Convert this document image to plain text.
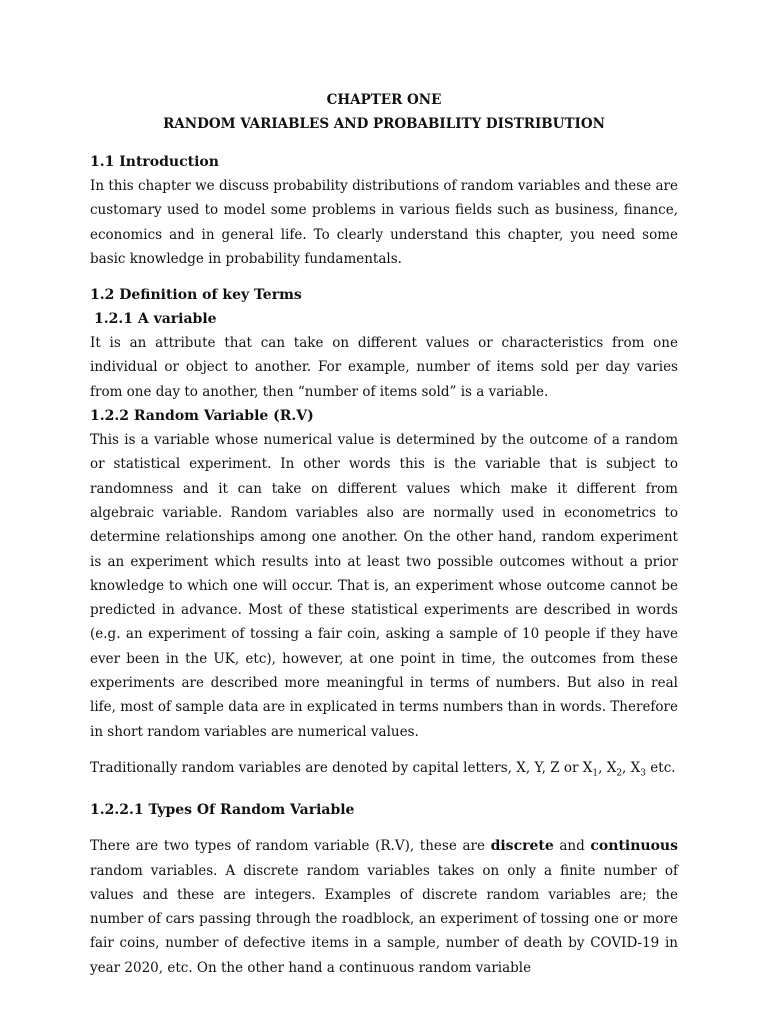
CHAPTER ONE
RANDOM VARIABLES AND PROBABILITY DISTRIBUTION
1.1 Introduction

In this chapter we discuss probability distributions of random variables and these are customary used to model some problems in various fields such as business, finance, economics and in general life. To clearly understand this chapter, you need some basic knowledge in probability fundamentals.

1.2 Definition of key Terms
1.2.1 A variable

It is an attribute that can take on different values or characteristics from one individual or object to another. For example, number of items sold per day varies from one day to another, then “number of items sold” is a variable.

1.2.2 Random Variable (R.V)

This is a variable whose numerical value is determined by the outcome of a random or statistical experiment. In other words this is the variable that is subject to randomness and it can take on different values which make it different from algebraic variable. Random variables also are normally used in econometrics to determine relationships among one another. On the other hand, random experiment is an experiment which results into at least two possible outcomes without a prior knowledge to which one will occur. That is, an experiment whose outcome cannot be predicted in advance. Most of these statistical experiments are described in words (e.g. an experiment of tossing a fair coin, asking a sample of 10 people if they have ever been in the UK, etc), however, at one point in time, the outcomes from these experiments are described more meaningful in terms of numbers. But also in real life, most of sample data are in explicated in terms numbers than in words. Therefore in short random variables are numerical values.

Traditionally random variables are denoted by capital letters, X, Y, Z or $X_1$, $X_2$, $X_3$ etc.

1.2.2.1 Types Of Random Variable

There are two types of random variable (R.V), these are discrete and continuous random variables. A discrete random variables takes on only a finite number of values and these are integers. Examples of discrete random variables are; the number of cars passing through the roadblock, an experiment of tossing one or more fair coins, number of defective items in a sample, number of death by COVID-19 in year 2020, etc. On the other hand a continuous random variable
